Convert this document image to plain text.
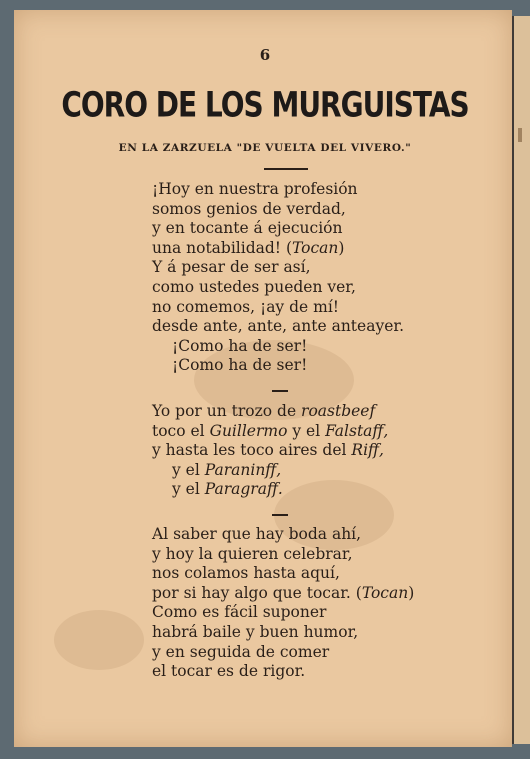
6
CORO DE LOS MURGUISTAS
EN LA ZARZUELA "DE VUELTA DEL VIVERO."
¡Hoy en nuestra profesión
somos genios de verdad,
y en tocante á ejecución
una notabilidad! (Tocan)
Y á pesar de ser así,
como ustedes pueden ver,
no comemos, ¡ay de mí!
desde ante, ante, ante anteayer.
¡Como ha de ser!
¡Como ha de ser!
Yo por un trozo de roastbeef
toco el Guillermo y el Falstaff,
y hasta les toco aires del Riff,
y el Paraninff,
y el Paragraff.
Al saber que hay boda ahí,
y hoy la quieren celebrar,
nos colamos hasta aquí,
por si hay algo que tocar. (Tocan)
Como es fácil suponer
habrá baile y buen humor,
y en seguida de comer
el tocar es de rigor.
